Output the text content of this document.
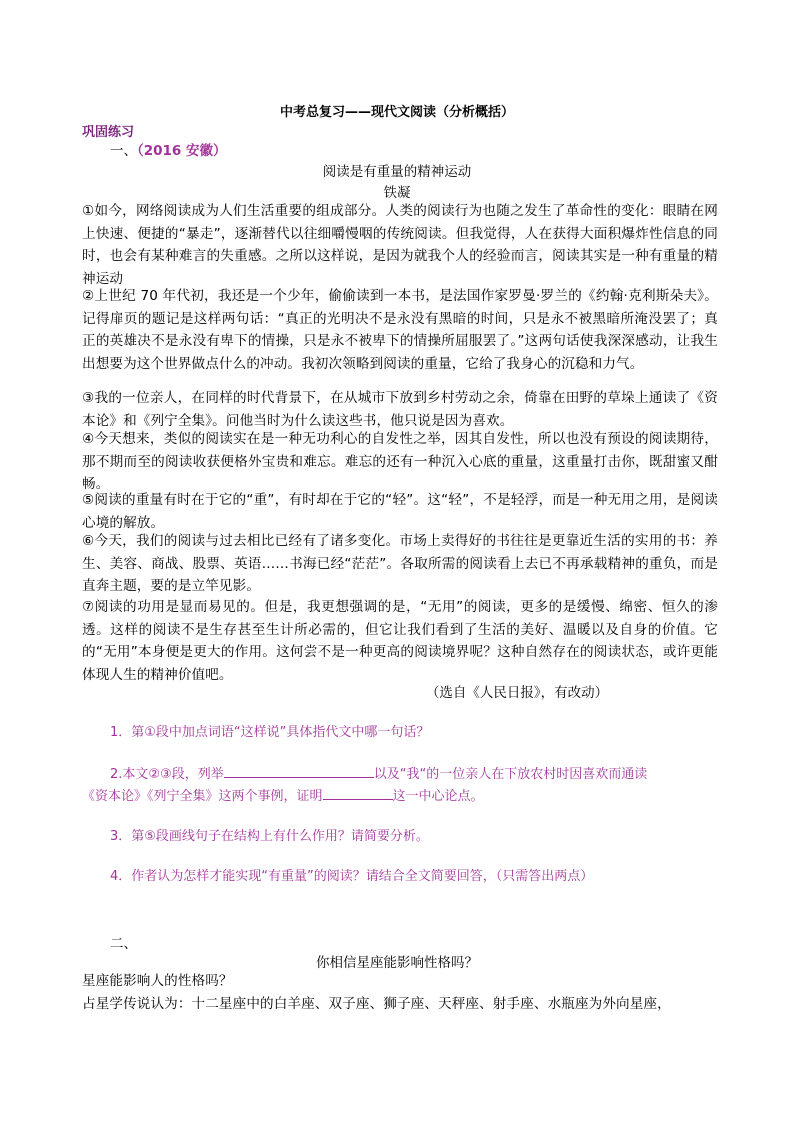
中考总复习——现代文阅读（分析概括）
巩固练习
一、（2016 安徽）
阅读是有重量的精神运动
铁凝
①如今，网络阅读成为人们生活重要的组成部分。人类的阅读行为也随之发生了革命性的变化：眼睛在网上快速、便捷的“暴走”，逐渐替代以往细嚼慢咽的传统阅读。但我觉得，人在获得大面积爆炸性信息的同时，也会有某种难言的失重感。之所以这样说，是因为就我个人的经验而言，阅读其实是一种有重量的精神运动
②上世纪 70 年代初，我还是一个少年，偷偷读到一本书，是法国作家罗曼·罗兰的《约翰·克利斯朵夫》。记得扉页的题记是这样两句话：“真正的光明决不是永没有黑暗的时间，只是永不被黑暗所淹没罢了；真正的英雄决不是永没有卑下的情操，只是永不被卑下的情操所屈服罢了。”这两句话使我深深感动，让我生出想要为这个世界做点什么的冲动。我初次领略到阅读的重量，它给了我身心的沉稳和力气。
③我的一位亲人，在同样的时代背景下，在从城市下放到乡村劳动之余，倚靠在田野的草垛上通读了《资本论》和《列宁全集》。问他当时为什么读这些书，他只说是因为喜欢。
④今天想来，类似的阅读实在是一种无功利心的自发性之举，因其自发性，所以也没有预设的阅读期待，那不期而至的阅读收获便格外宝贵和难忘。难忘的还有一种沉入心底的重量，这重量打击你，既甜蜜又酣畅。
⑤阅读的重量有时在于它的“重”，有时却在于它的“轻”。这“轻”，不是轻浮，而是一种无用之用，是阅读心境的解放。
⑥今天，我们的阅读与过去相比已经有了诸多变化。市场上卖得好的书往往是更靠近生活的实用的书：养生、美容、商战、股票、英语……书海已经“茫茫”。各取所需的阅读看上去已不再承载精神的重负，而是直奔主题，要的是立竿见影。
⑦阅读的功用是显而易见的。但是，我更想强调的是，“无用”的阅读，更多的是缓慢、绵密、恒久的渗透。这样的阅读不是生存甚至生计所必需的，但它让我们看到了生活的美好、温暖以及自身的价值。它的“无用”本身便是更大的作用。这何尝不是一种更高的阅读境界呢？这种自然存在的阅读状态，或许更能体现人生的精神价值吧。
（选自《人民日报》，有改动）
1．第①段中加点词语“这样说”具体指代文中哪一句话？
2.本文②③段，列举	以及“我“的一位亲人在下放农村时因喜欢而通读
《资本论》《列宁全集》这两个事例，证明	这一中心论点。
3．第⑤段画线句子在结构上有什么作用？请简要分析。
4．作者认为怎样才能实现“有重量”的阅读？请结合全文简要回答，（只需答出两点）
二、
你相信星座能影响性格吗？
星座能影响人的性格吗？
占星学传说认为：十二星座中的白羊座、双子座、狮子座、天秤座、射手座、水瓶座为外向星座，
